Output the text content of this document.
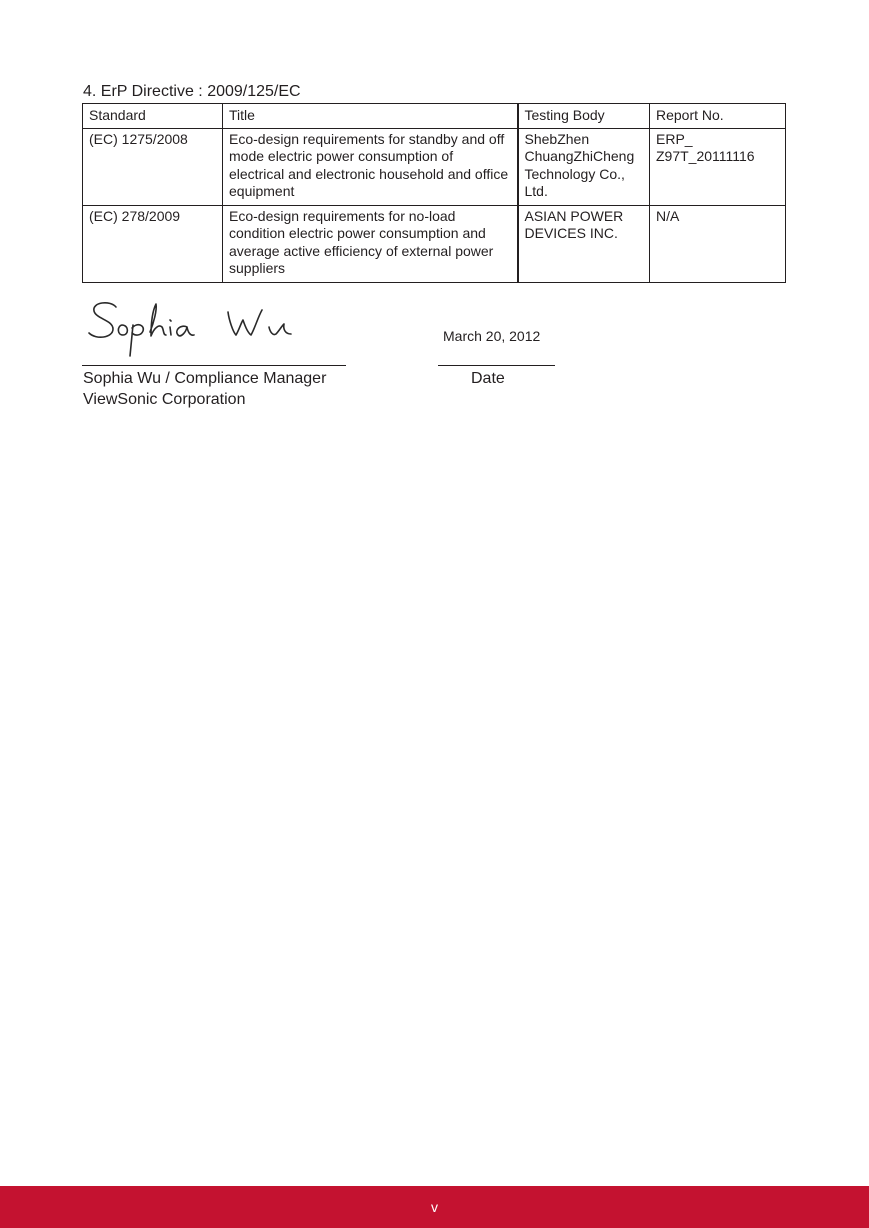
4. ErP Directive : 2009/125/EC
Standard	Title	Testing Body	Report No.
(EC) 1275/2008	Eco-design requirements for standby and off mode electric power consumption of electrical and electronic household and office equipment	ShebZhen ChuangZhiCheng Technology Co., Ltd.	ERP_ Z97T_20111116
(EC) 278/2009	Eco-design requirements for no-load condition electric power consumption and average active efficiency of external power suppliers	ASIAN POWER DEVICES INC.	N/A
Sophia Wu / Compliance Manager
ViewSonic Corporation
March 20, 2012
Date
v
